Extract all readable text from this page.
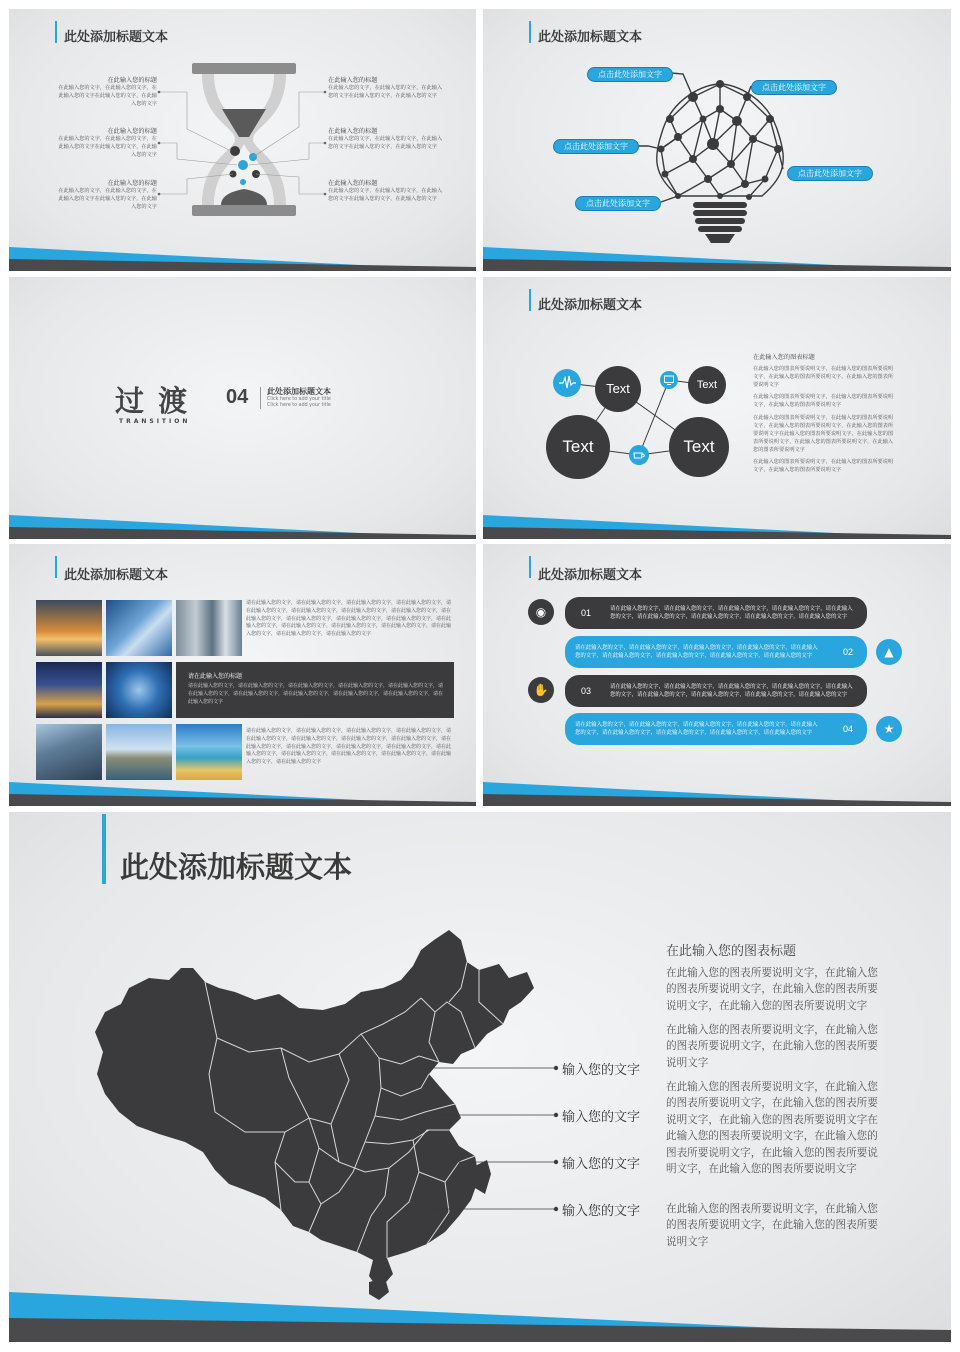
此处添加标题文本
在此输入您的标题
在此输入您的文字，在此输入您的文字，在此输入您的文字在此输入您的文字，在此输入您的文字
在此输入您的标题
在此输入您的文字，在此输入您的文字，在此输入您的文字在此输入您的文字，在此输入您的文字
在此输入您的标题
在此输入您的文字，在此输入您的文字，在此输入您的文字在此输入您的文字，在此输入您的文字
在此输入您的标题
在此输入您的文字，在此输入您的文字，在此输入您的文字在此输入您的文字，在此输入您的文字
在此输入您的标题
在此输入您的文字，在此输入您的文字，在此输入您的文字在此输入您的文字，在此输入您的文字
在此输入您的标题
在此输入您的文字，在此输入您的文字，在此输入您的文字在此输入您的文字，在此输入您的文字
此处添加标题文本
点击此处添加文字
点击此处添加文字
点击此处添加文字
点击此处添加文字
点击此处添加文字
过 渡
TRANSITION
04 此处添加标题文本
Click here to add your title
Click here to add your title
此处添加标题文本
Text	Text
Text	Text
在此输入您的图表标题
在此输入您的图表所要说明文字，在此输入您的图表所要说明文字，在此输入您的图表所要说明文字，在此输入您的图表所要说明文字
在此输入您的图表所要说明文字，在此输入您的图表所要说明文字，在此输入您的图表所要说明文字
在此输入您的图表所要说明文字，在此输入您的图表所要说明文字，在此输入您的图表所要说明文字，在此输入您的图表所要说明文字在此输入您的图表所要说明文字，在此输入您的图表所要说明文字，在此输入您的图表所要说明文字，在此输入您的图表所要说明文字
在此输入您的图表所要说明文字，在此输入您的图表所要说明文字，在此输入您的图表所要说明文字
此处添加标题文本
请在此输入您的文字，请在此输入您的文字，请在此输入您的文字，请在此输入您的文字，请在此输入您的文字，请在此输入您的文字，请在此输入您的文字，请在此输入您的文字，请在此输入您的文字，请在此输入您的文字，请在此输入您的文字，请在此输入您的文字，请在此输入您的文字，请在此输入您的文字，请在此输入您的文字，请在此输入您的文字，请在此输入您的文字，请在此输入您的文字，请在此输入您的文字
请在此输入您的标题
请在此输入您的文字，请在此输入您的文字，请在此输入您的文字，请在此输入您的文字，请在此输入您的文字，请在此输入您的文字，请在此输入您的文字，请在此输入您的文字，请在此输入您的文字，请在此输入您的文字，请在此输入您的文字
请在此输入您的文字，请在此输入您的文字，请在此输入您的文字，请在此输入您的文字，请在此输入您的文字，请在此输入您的文字，请在此输入您的文字，请在此输入您的文字，请在此输入您的文字，请在此输入您的文字，请在此输入您的文字，请在此输入您的文字，请在此输入您的文字，请在此输入您的文字，请在此输入您的文字，请在此输入您的文字，请在此输入您的文字，请在此输入您的文字
此处添加标题文本
◉	01	请在此输入您的文字，请在此输入您的文字，请在此输入您的文字，请在此输入您的文字，请在此输入您的文字，请在此输入您的文字，请在此输入您的文字，请在此输入您的文字，请在此输入您的文字
请在此输入您的文字，请在此输入您的文字，请在此输入您的文字，请在此输入您的文字，请在此输入您的文字，请在此输入您的文字，请在此输入您的文字，请在此输入您的文字，请在此输入您的文字	02	▲
✋	03	请在此输入您的文字，请在此输入您的文字，请在此输入您的文字，请在此输入您的文字，请在此输入您的文字，请在此输入您的文字，请在此输入您的文字，请在此输入您的文字，请在此输入您的文字
请在此输入您的文字，请在此输入您的文字，请在此输入您的文字，请在此输入您的文字，请在此输入您的文字，请在此输入您的文字，请在此输入您的文字，请在此输入您的文字，请在此输入您的文字	04	★
此处添加标题文本
输入您的文字
输入您的文字
输入您的文字
输入您的文字
在此输入您的图表标题
在此输入您的图表所要说明文字，在此输入您的图表所要说明文字，在此输入您的图表所要说明文字，在此输入您的图表所要说明文字
在此输入您的图表所要说明文字，在此输入您的图表所要说明文字，在此输入您的图表所要说明文字
在此输入您的图表所要说明文字，在此输入您的图表所要说明文字，在此输入您的图表所要说明文字，在此输入您的图表所要说明文字在此输入您的图表所要说明文字，在此输入您的图表所要说明文字，在此输入您的图表所要说明文字，在此输入您的图表所要说明文字
在此输入您的图表所要说明文字，在此输入您的图表所要说明文字，在此输入您的图表所要说明文字
